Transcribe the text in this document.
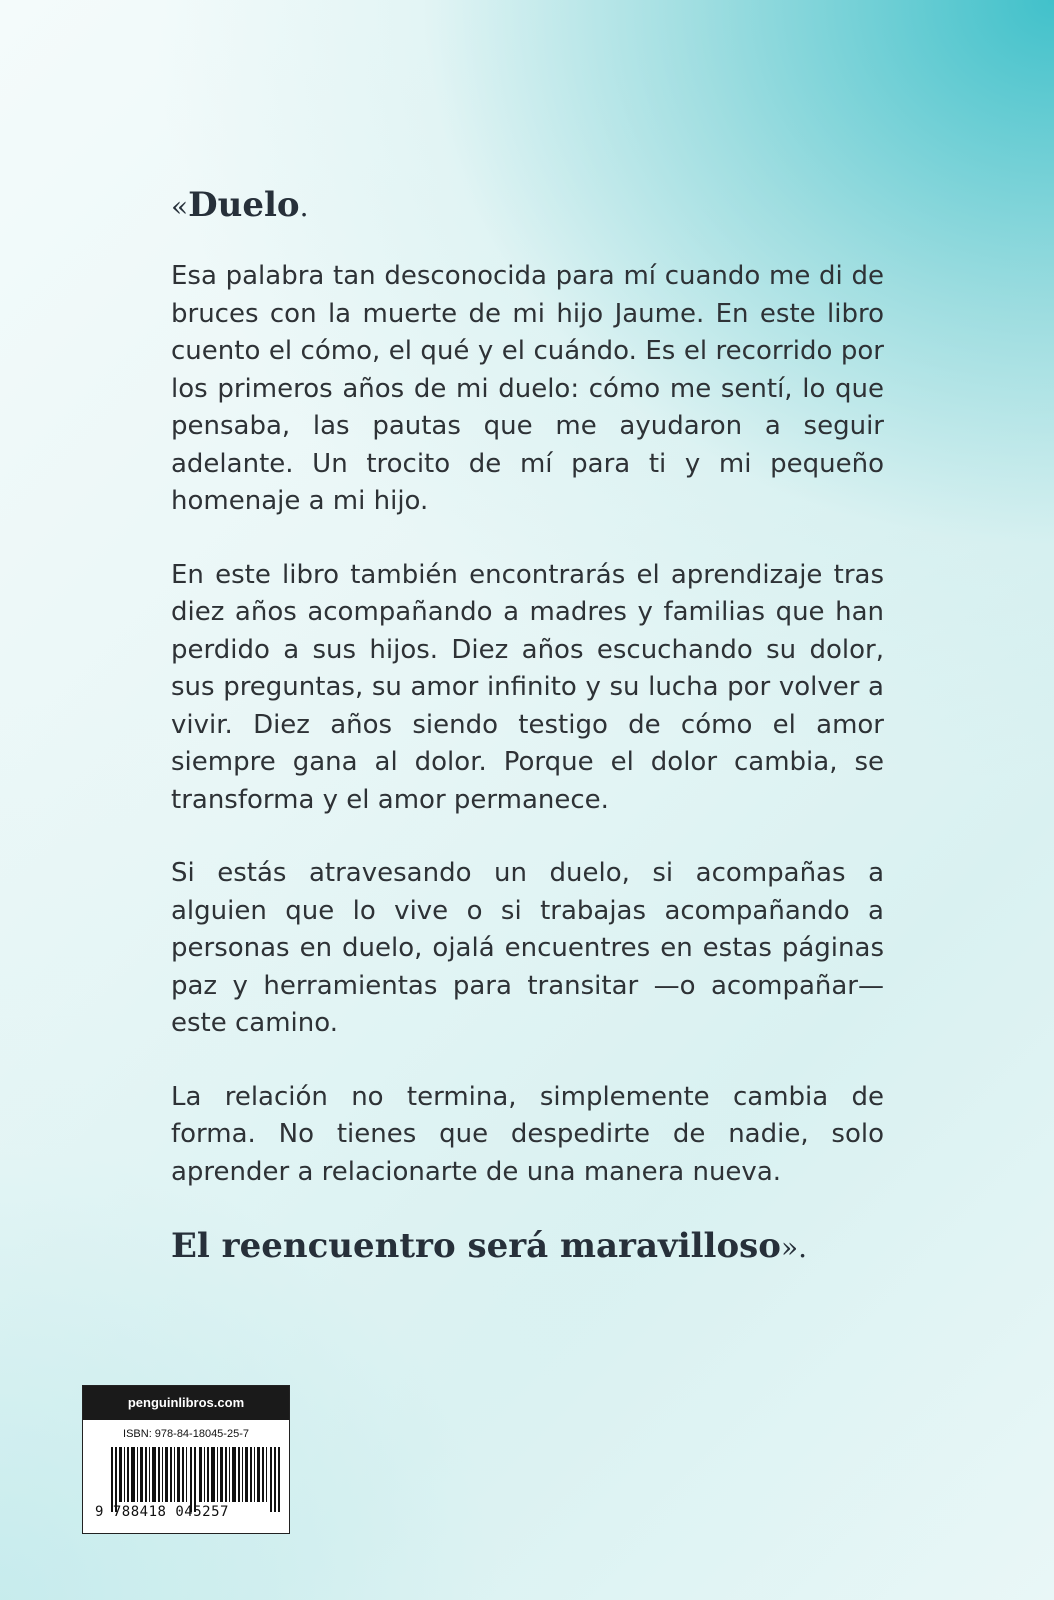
«Duelo.

Esa palabra tan desconocida para mí cuando me di de bruces con la muerte de mi hijo Jaume. En este libro cuento el cómo, el qué y el cuándo. Es el recorrido por los primeros años de mi duelo: cómo me sentí, lo que pensaba, las pautas que me ayudaron a seguir adelante. Un trocito de mí para ti y mi pequeño homenaje a mi hijo.

En este libro también encontrarás el aprendizaje tras diez años acompañando a madres y familias que han perdido a sus hijos. Diez años escuchando su dolor, sus preguntas, su amor infinito y su lucha por volver a vivir. Diez años siendo testigo de cómo el amor siempre gana al dolor. Porque el dolor cambia, se transforma y el amor permanece.

Si estás atravesando un duelo, si acompañas a alguien que lo vive o si trabajas acompañando a personas en duelo, ojalá encuentres en estas páginas paz y herramientas para transitar —o acompañar— este camino.

La relación no termina, simplemente cambia de forma. No tienes que despedirte de nadie, solo aprender a relacionarte de una manera nueva.

El reencuentro será maravilloso».
penguinlibros.com
ISBN: 978-84-18045-25-7
9 788418 045257
